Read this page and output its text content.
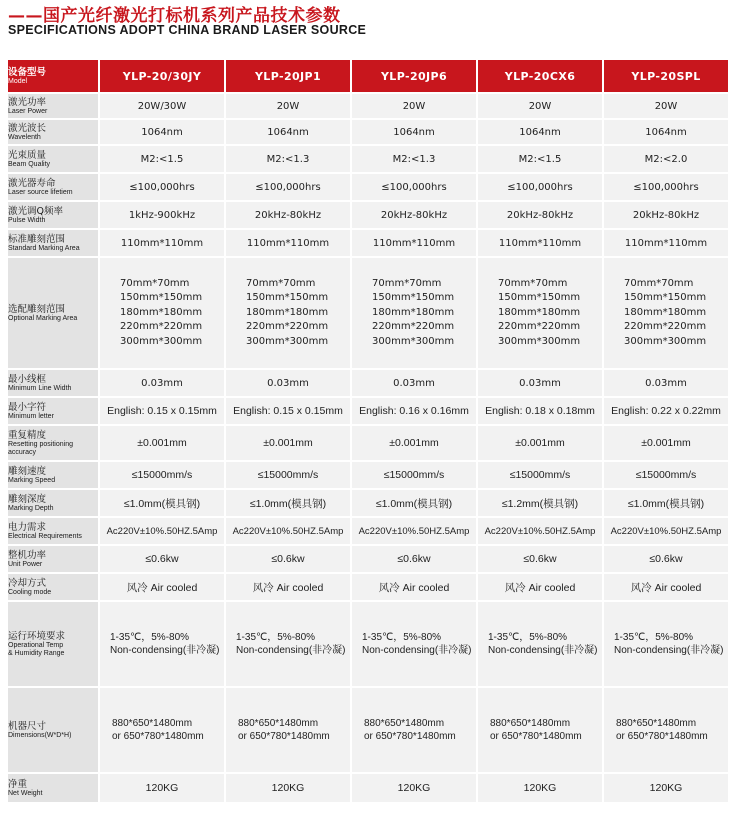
——国产光纤激光打标机系列产品技术参数
SPECIFICATIONS ADOPT CHINA BRAND LASER SOURCE
设备型号
Model	YLP-20/30JY	YLP-20JP1	YLP-20JP6	YLP-20CX6	YLP-20SPL

激光功率
Laser Power	20W/30W	20W	20W	20W	20W

激光波长
Wavelenth	1064nm	1064nm	1064nm	1064nm	1064nm

光束质量
Beam Quality	M2:<1.5	M2:<1.3	M2:<1.3	M2:<1.5	M2:<2.0

激光器寿命
Laser source lifetiem	≤100,000hrs	≤100,000hrs	≤100,000hrs	≤100,000hrs	≤100,000hrs

激光调Q频率
Pulse Width	1kHz-900kHz	20kHz-80kHz	20kHz-80kHz	20kHz-80kHz	20kHz-80kHz

标准雕刻范围
Standard Marking Area	110mm*110mm	110mm*110mm	110mm*110mm	110mm*110mm	110mm*110mm

选配雕刻范围
Optional Marking Area	70mm*70mm
150mm*150mm
180mm*180mm
220mm*220mm
300mm*300mm	70mm*70mm
150mm*150mm
180mm*180mm
220mm*220mm
300mm*300mm	70mm*70mm
150mm*150mm
180mm*180mm
220mm*220mm
300mm*300mm	70mm*70mm
150mm*150mm
180mm*180mm
220mm*220mm
300mm*300mm	70mm*70mm
150mm*150mm
180mm*180mm
220mm*220mm
300mm*300mm

最小线框
Minimum Line Width	0.03mm	0.03mm	0.03mm	0.03mm	0.03mm

最小字符
Minimum letter	English: 0.15 x 0.15mm	English: 0.15 x 0.15mm	English: 0.16 x 0.16mm	English: 0.18 x 0.18mm	English: 0.22 x 0.22mm

重复精度
Resetting positioning accuracy	±0.001mm	±0.001mm	±0.001mm	±0.001mm	±0.001mm

雕刻速度
Marking Speed	≤15000mm/s	≤15000mm/s	≤15000mm/s	≤15000mm/s	≤15000mm/s

雕刻深度
Marking Depth	≤1.0mm(模具钢)	≤1.0mm(模具钢)	≤1.0mm(模具钢)	≤1.2mm(模具钢)	≤1.0mm(模具钢)

电力需求
Electrical Requirements	Ac220V±10%.50HZ.5Amp	Ac220V±10%.50HZ.5Amp	Ac220V±10%.50HZ.5Amp	Ac220V±10%.50HZ.5Amp	Ac220V±10%.50HZ.5Amp

整机功率
Unit Power	≤0.6kw	≤0.6kw	≤0.6kw	≤0.6kw	≤0.6kw

冷却方式
Cooling mode	风冷 Air cooled	风冷 Air cooled	风冷 Air cooled	风冷 Air cooled	风冷 Air cooled

运行环境要求
Operational Temp
& Humidity Range	1-35℃，5%-80%
Non-condensing(非冷凝)	1-35℃，5%-80%
Non-condensing(非冷凝)	1-35℃，5%-80%
Non-condensing(非冷凝)	1-35℃，5%-80%
Non-condensing(非冷凝)	1-35℃，5%-80%
Non-condensing(非冷凝)

机器尺寸
Dimensions(W*D*H)	880*650*1480mm
or 650*780*1480mm	880*650*1480mm
or 650*780*1480mm	880*650*1480mm
or 650*780*1480mm	880*650*1480mm
or 650*780*1480mm	880*650*1480mm
or 650*780*1480mm

净重
Net Weight	120KG	120KG	120KG	120KG	120KG
